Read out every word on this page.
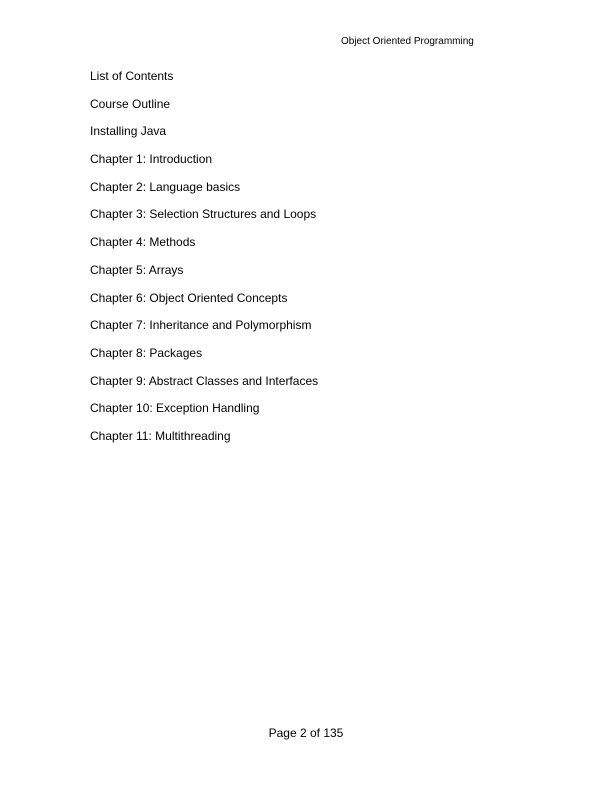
Object Oriented Programming
List of Contents
Course Outline
Installing Java
Chapter 1: Introduction
Chapter 2: Language basics
Chapter 3: Selection Structures and Loops
Chapter 4: Methods
Chapter 5: Arrays
Chapter 6: Object Oriented Concepts
Chapter 7: Inheritance and Polymorphism
Chapter 8: Packages
Chapter 9: Abstract Classes and Interfaces
Chapter 10: Exception Handling
Chapter 11: Multithreading
Page 2 of 135
